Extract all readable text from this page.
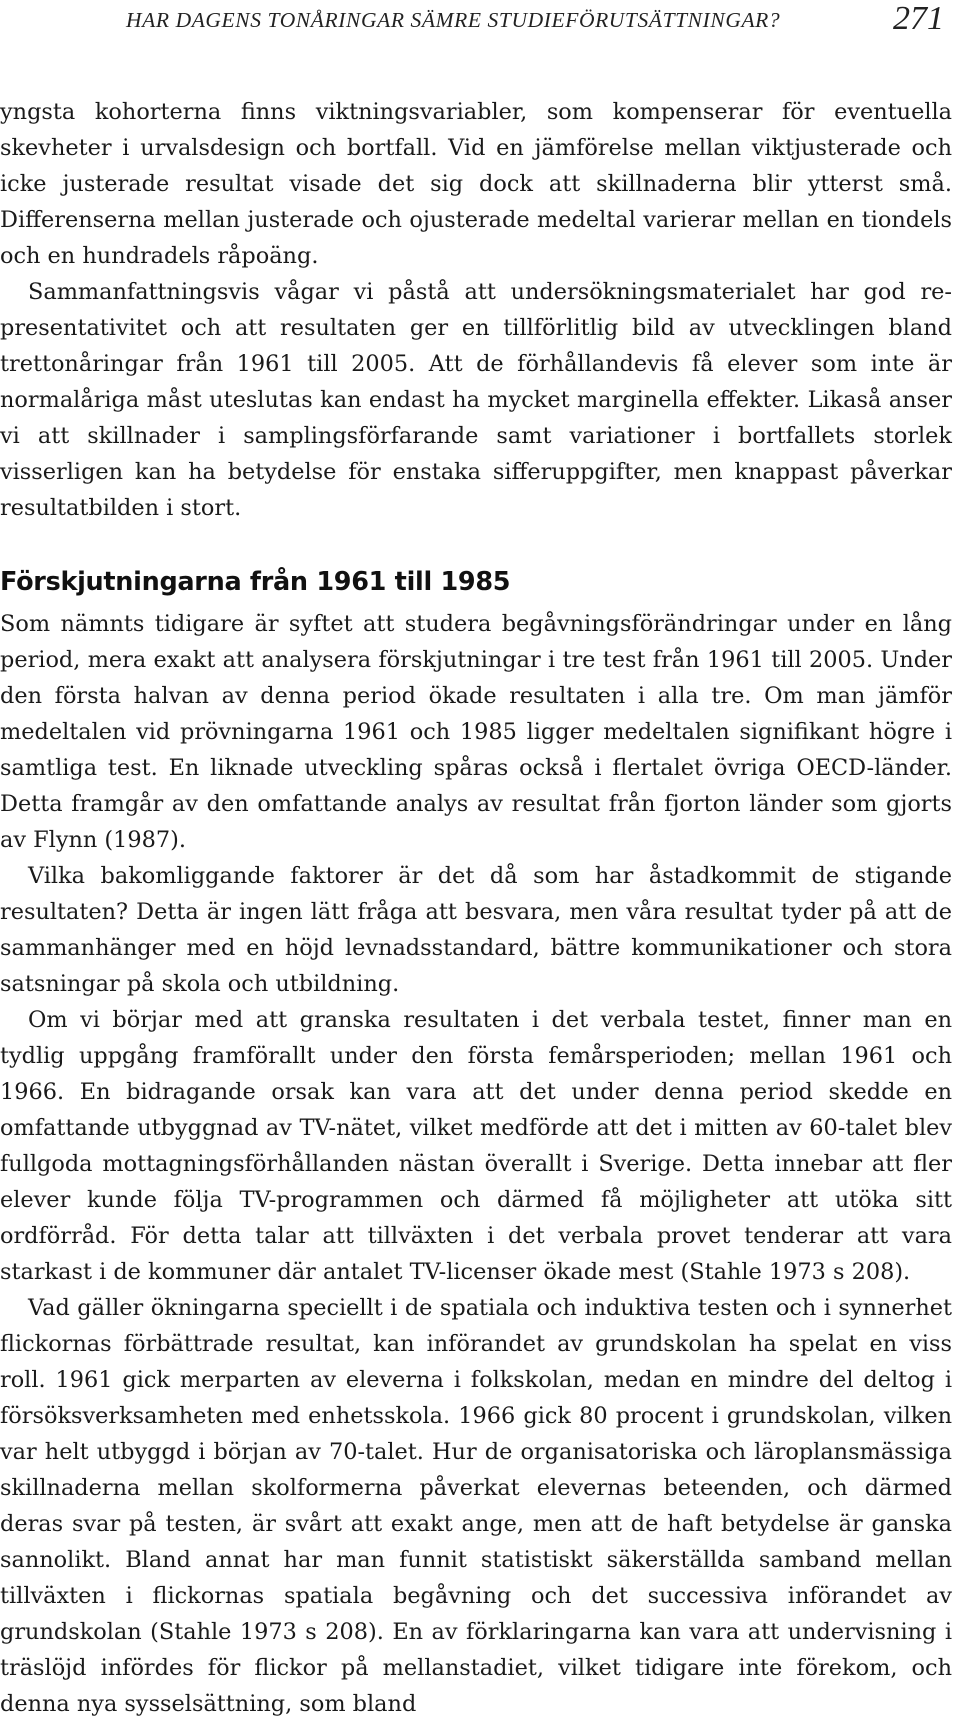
HAR DAGENS TONÅRINGAR SÄMRE STUDIEFÖRUTSÄTTNINGAR?	271

yngsta kohorterna finns viktningsvariabler, som kompenserar för eventuella skevheter i urvalsdesign och bortfall. Vid en jämförelse mellan viktjusterade och icke justerade resultat visade det sig dock att skillnaderna blir ytterst små. Differenserna mellan justerade och ojusterade medeltal varierar mellan en tiondels och en hundradels råpoäng.

Sammanfattningsvis vågar vi påstå att undersökningsmaterialet har god representativitet och att resultaten ger en tillförlitlig bild av utvecklingen bland trettonåringar från 1961 till 2005. Att de förhållandevis få elever som inte är normalåriga måst uteslutas kan endast ha mycket marginella effekter. Likaså anser vi att skillnader i samplingsförfarande samt variationer i bortfallets storlek visserligen kan ha betydelse för enstaka sifferuppgifter, men knappast påverkar resultatbilden i stort.

Förskjutningarna från 1961 till 1985

Som nämnts tidigare är syftet att studera begåvningsförändringar under en lång period, mera exakt att analysera förskjutningar i tre test från 1961 till 2005. Under den första halvan av denna period ökade resultaten i alla tre. Om man jämför medeltalen vid prövningarna 1961 och 1985 ligger medeltalen signifikant högre i samtliga test. En liknade utveckling spåras också i flertalet övriga OECD-länder. Detta framgår av den omfattande analys av resultat från fjorton länder som gjorts av Flynn (1987).

Vilka bakomliggande faktorer är det då som har åstadkommit de stigande resultaten? Detta är ingen lätt fråga att besvara, men våra resultat tyder på att de sammanhänger med en höjd levnadsstandard, bättre kommunikationer och stora satsningar på skola och utbildning.

Om vi börjar med att granska resultaten i det verbala testet, finner man en tydlig uppgång framförallt under den första femårsperioden; mellan 1961 och 1966. En bidragande orsak kan vara att det under denna period skedde en omfattande utbyggnad av TV-nätet, vilket medförde att det i mitten av 60-talet blev fullgoda mottagningsförhållanden nästan överallt i Sverige. Detta innebar att fler elever kunde följa TV-programmen och därmed få möjligheter att utöka sitt ordförråd. För detta talar att tillväxten i det verbala provet tenderar att vara starkast i de kommuner där antalet TV-licenser ökade mest (Stahle 1973 s 208).

Vad gäller ökningarna speciellt i de spatiala och induktiva testen och i synnerhet flickornas förbättrade resultat, kan införandet av grundskolan ha spelat en viss roll. 1961 gick merparten av eleverna i folkskolan, medan en mindre del deltog i försöksverksamheten med enhetsskola. 1966 gick 80 procent i grundskolan, vilken var helt utbyggd i början av 70-talet. Hur de organisatoriska och läroplansmässiga skillnaderna mellan skolformerna påverkat elevernas beteenden, och därmed deras svar på testen, är svårt att exakt ange, men att de haft betydelse är ganska sannolikt. Bland annat har man funnit statistiskt säkerställda samband mellan tillväxten i flickornas spatiala begåvning och det successiva införandet av grundskolan (Stahle 1973 s 208). En av förklaringarna kan vara att undervisning i träslöjd infördes för flickor på mellanstadiet, vilket tidigare inte förekom, och denna nya sysselsättning, som bland
